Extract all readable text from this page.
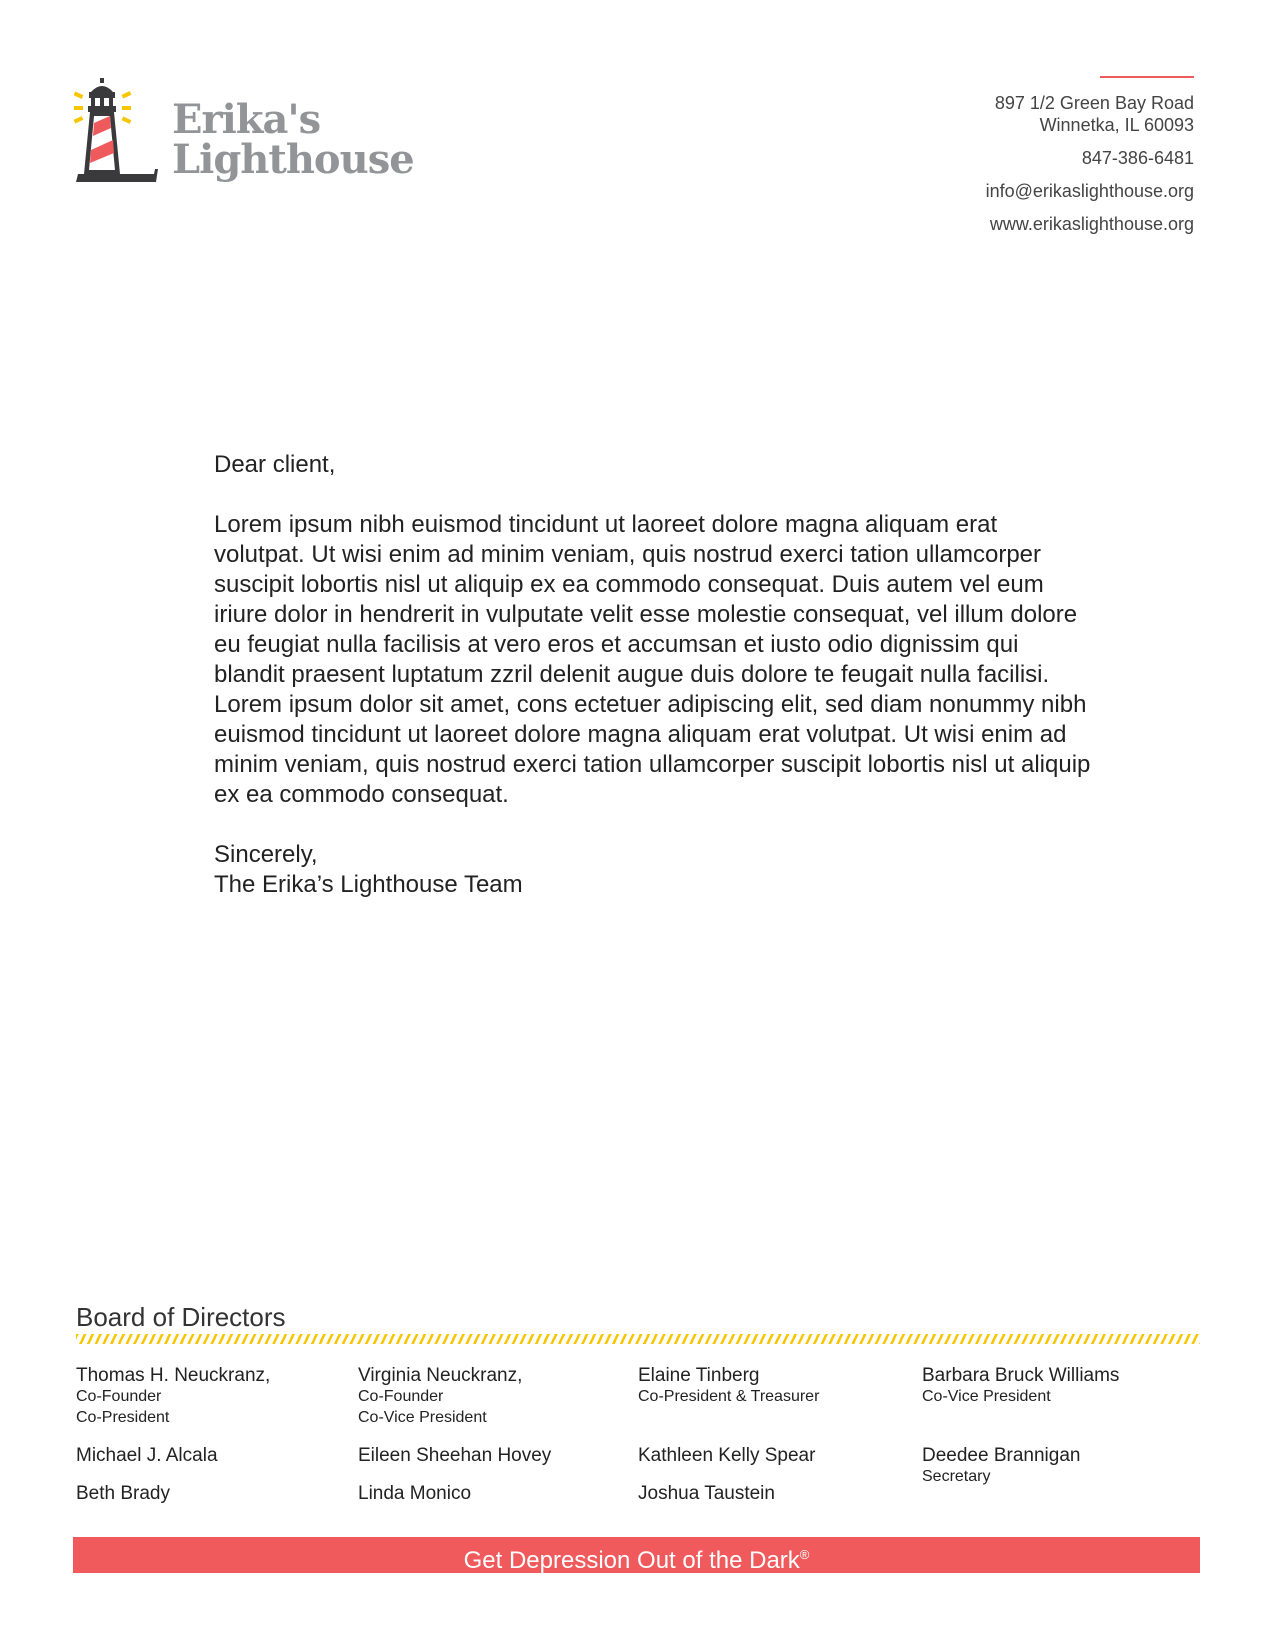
Erika's
Lighthouse
897 1/2 Green Bay Road
Winnetka, IL 60093
847-386-6481
info@erikaslighthouse.org
www.erikaslighthouse.org

Dear client,

Lorem ipsum nibh euismod tincidunt ut laoreet dolore magna aliquam erat volutpat. Ut wisi enim ad minim veniam, quis nostrud exerci tation ullamcorper suscipit lobortis nisl ut aliquip ex ea commodo consequat. Duis autem vel eum iriure dolor in hendrerit in vulputate velit esse molestie consequat, vel illum dolore eu feugiat nulla facilisis at vero eros et accumsan et iusto odio dignissim qui blandit praesent luptatum zzril delenit augue duis dolore te feugait nulla facilisi.

Lorem ipsum dolor sit amet, cons ectetuer adipiscing elit, sed diam nonummy nibh euismod tincidunt ut laoreet dolore magna aliquam erat volutpat. Ut wisi enim ad minim veniam, quis nostrud exerci tation ullamcorper suscipit lobortis nisl ut aliquip ex ea commodo consequat.

Sincerely,

The Erika’s Lighthouse Team

Board of Directors
Thomas H. Neuckranz,
Co-Founder
Co-President
Michael J. Alcala
Beth Brady
Virginia Neuckranz,
Co-Founder
Co-Vice President
Eileen Sheehan Hovey
Linda Monico
Elaine Tinberg
Co-President & Treasurer
Kathleen Kelly Spear
Joshua Taustein
Barbara Bruck Williams
Co-Vice President
Deedee Brannigan
Secretary
Get Depression Out of the Dark®
